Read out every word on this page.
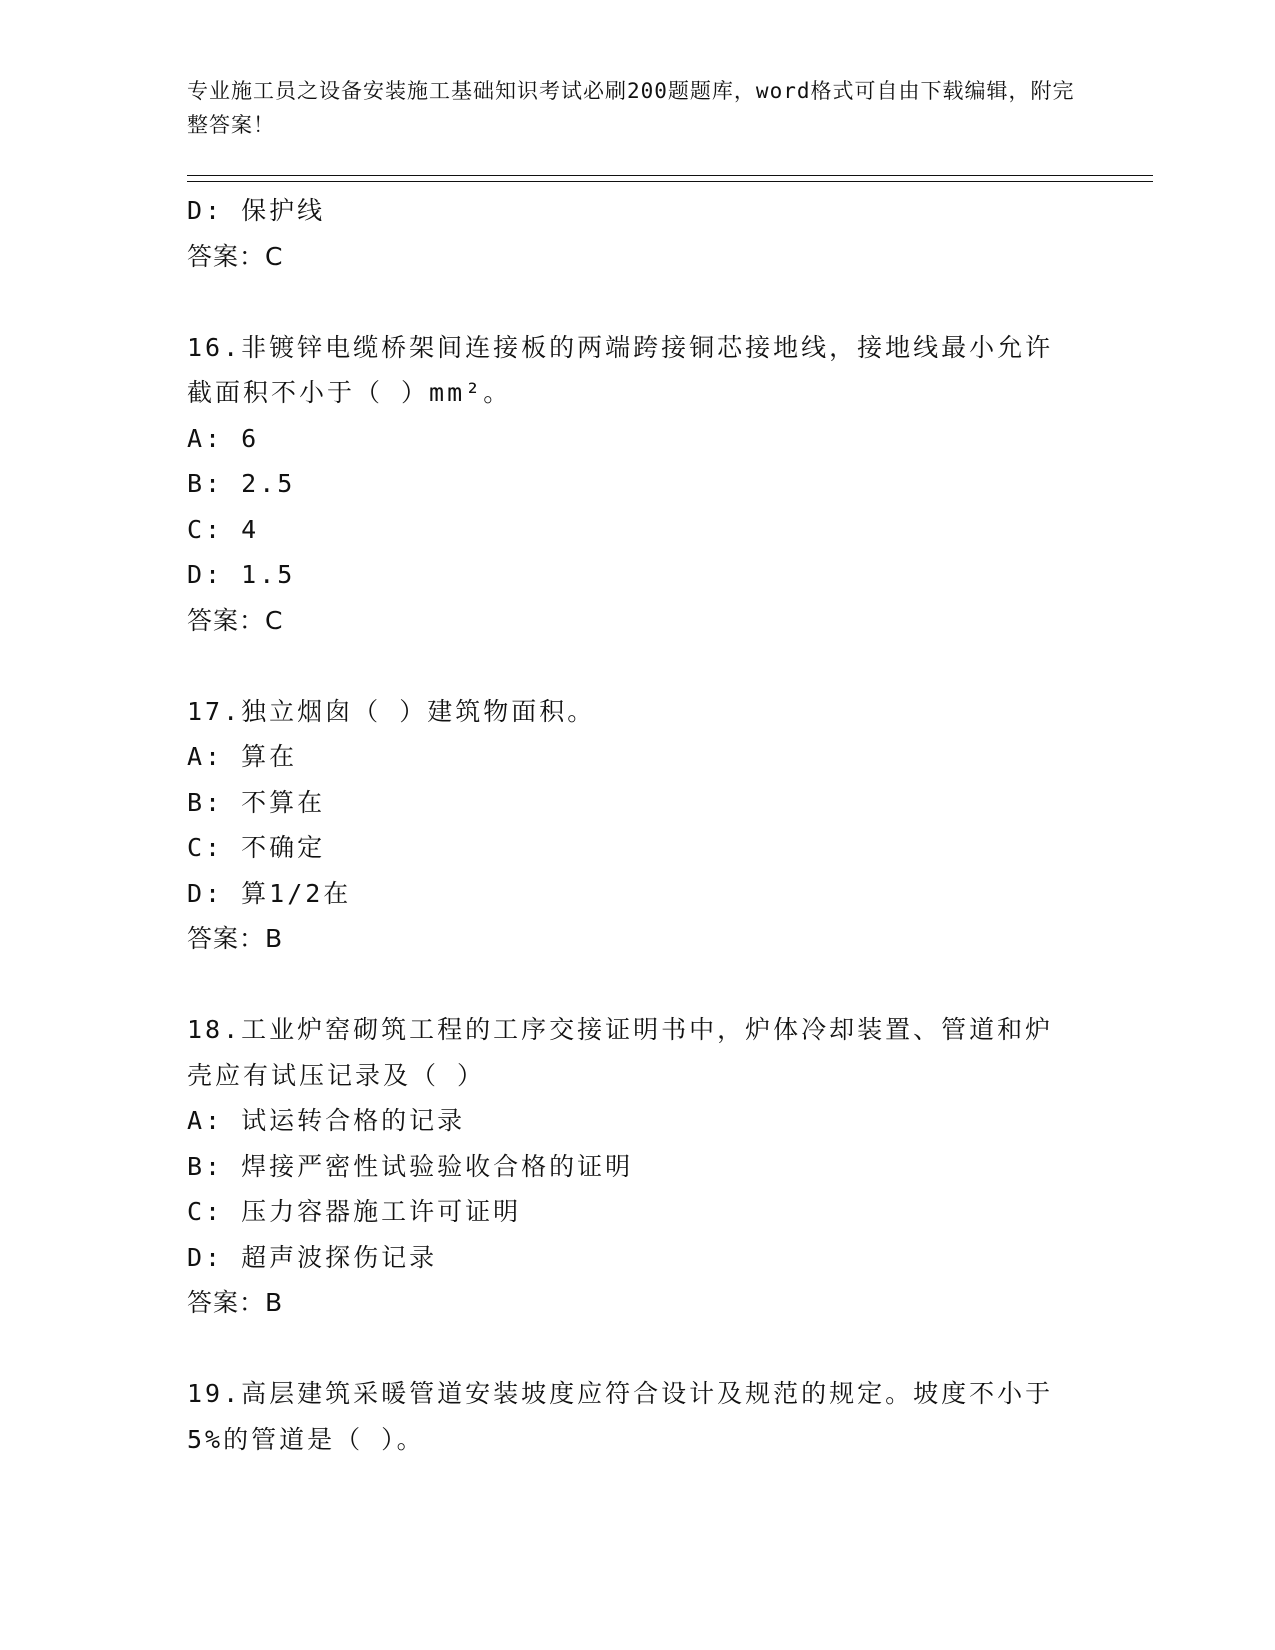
专业施工员之设备安装施工基础知识考试必刷200题题库，word格式可自由下载编辑，附完整答案！
D: 保护线
答案：C
16.非镀锌电缆桥架间连接板的两端跨接铜芯接地线，接地线最小允许截面积不小于（ ）mm²。
A: 6
B: 2.5
C: 4
D: 1.5
答案：C
17.独立烟囱（ ）建筑物面积。
A: 算在
B: 不算在
C: 不确定
D: 算1/2在
答案：B
18.工业炉窑砌筑工程的工序交接证明书中，炉体冷却装置、管道和炉壳应有试压记录及（ ）
A: 试运转合格的记录
B: 焊接严密性试验验收合格的证明
C: 压力容器施工许可证明
D: 超声波探伤记录
答案：B
19.高层建筑采暖管道安装坡度应符合设计及规范的规定。坡度不小于5%的管道是（ ）。
